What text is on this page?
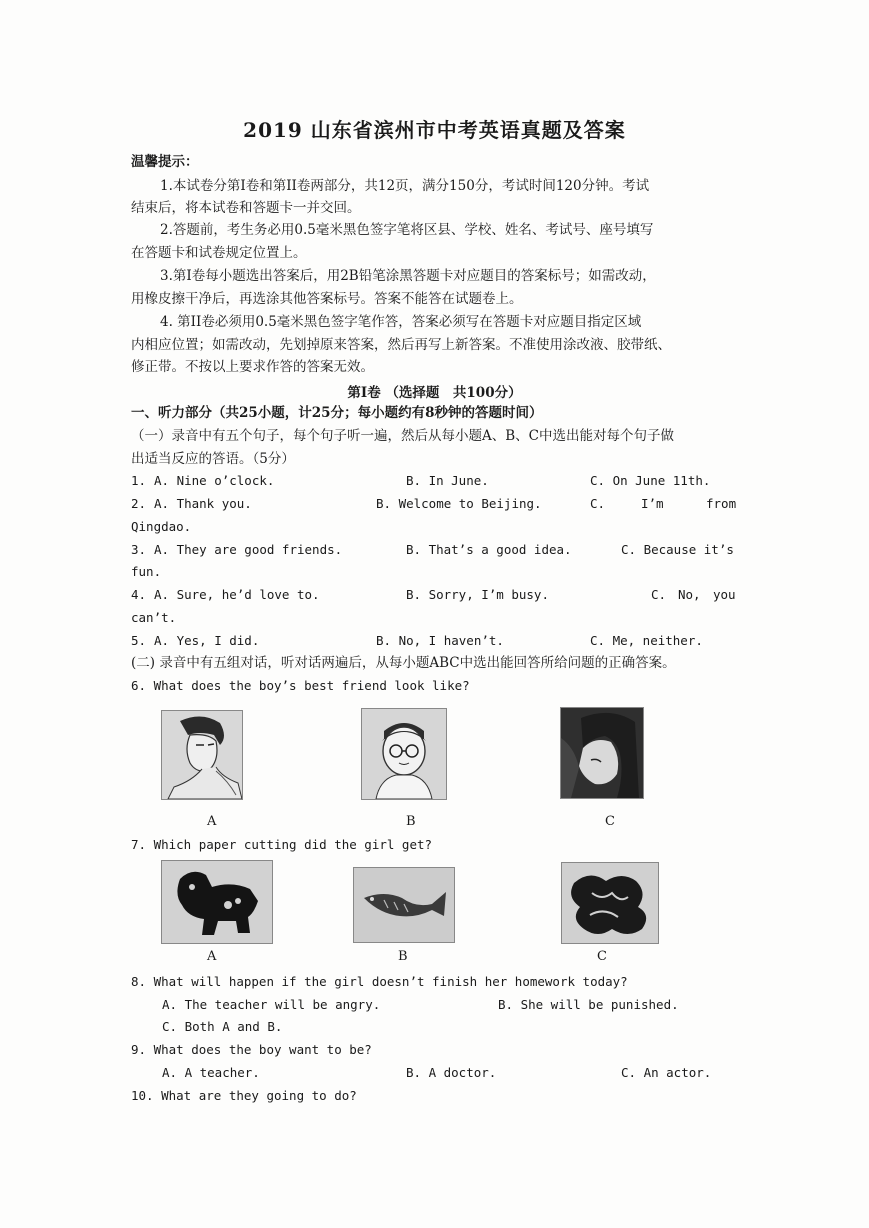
2019 山东省滨州市中考英语真题及答案
温馨提示：
1.本试卷分第Ⅰ卷和第II卷两部分，共12页，满分150分，考试时间120分钟。考试
结束后，将本试卷和答题卡一并交回。
2.答题前，考生务必用0.5毫米黑色签字笔将区县、学校、姓名、考试号、座号填写
在答题卡和试卷规定位置上。
3.第Ⅰ卷每小题选出答案后，用2B铅笔涂黑答题卡对应题目的答案标号；如需改动，
用橡皮擦干净后，再选涂其他答案标号。答案不能答在试题卷上。
4. 第II卷必须用0.5毫米黑色签字笔作答，答案必须写在答题卡对应题目指定区域
内相应位置；如需改动，先划掉原来答案，然后再写上新答案。不准使用涂改液、胶带纸、
修正带。不按以上要求作答的答案无效。
第Ⅰ卷 （选择题　共100分）
一、听力部分（共25小题，计25分；每小题约有8秒钟的答题时间）
（一）录音中有五个句子，每个句子听一遍，然后从每小题A、B、C中选出能对每个句子做
出适当反应的答语。（5分）
1. A. Nine o’clock.	B. In June.	C. On June 11th.
2. A. Thank you.	B. Welcome to Beijing.	C.	I’m	from
Qingdao.
3. A. They are good friends.	B. That’s a good idea.	C. Because it’s
fun.
4. A. Sure, he’d love to.	B. Sorry, I’m busy.	C. No, you
can’t.
5. A. Yes, I did.	B. No, I haven’t.	C. Me, neither.
(二) 录音中有五组对话，听对话两遍后，从每小题ABC中选出能回答所给问题的正确答案。
6. What does the boy’s best friend look like?
A	B	C
7. Which paper cutting did the girl get?
A	B	C
8. What will happen if the girl doesn’t finish her homework today?
A. The teacher will be angry.	B. She will be punished.
C. Both A and B.
9. What does the boy want to be?
A. A teacher.	B. A doctor.	C. An actor.
10. What are they going to do?
